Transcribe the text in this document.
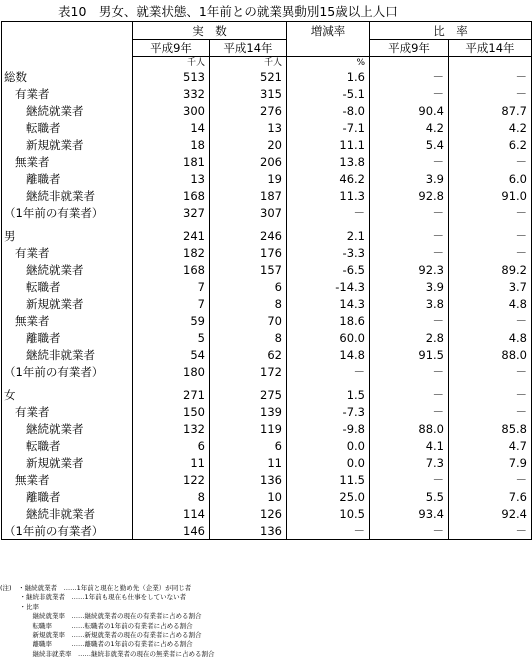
表10　男女、就業状態、1年前との就業異動別15歳以上人口
	実　数		増減率	比　率	
	平成9年	平成14年		平成9年	平成14年
	千人	千人	%		
総数	513	521	1.6	－	－
有業者	332	315	-5.1	－	－
継続就業者	300	276	-8.0	90.4	87.7
転職者	14	13	-7.1	4.2	4.2
新規就業者	18	20	11.1	5.4	6.2
無業者	181	206	13.8	－	－
離職者	13	19	46.2	3.9	6.0
継続非就業者	168	187	11.3	92.8	91.0
（1年前の有業者）	327	307	－	－	－

男	241	246	2.1	－	－
有業者	182	176	-3.3	－	－
継続就業者	168	157	-6.5	92.3	89.2
転職者	7	6	-14.3	3.9	3.7
新規就業者	7	8	14.3	3.8	4.8
無業者	59	70	18.6	－	－
離職者	5	8	60.0	2.8	4.8
継続非就業者	54	62	14.8	91.5	88.0
（1年前の有業者）	180	172	－	－	－

女	271	275	1.5	－	－
有業者	150	139	-7.3	－	－
継続就業者	132	119	-9.8	88.0	85.8
転職者	6	6	0.0	4.1	4.7
新規就業者	11	11	0.0	7.3	7.9
無業者	122	136	11.5	－	－
離職者	8	10	25.0	5.5	7.6
継続非就業者	114	126	10.5	93.4	92.4
（1年前の有業者）	146	136	－	－	－
(注)　・継続就業者　……1年前と現在と勤め先（企業）が同じ者
　　　・継続非就業者　……1年前も現在も仕事をしていない者
　　　・比率
　　　　　継続就業率　……継続就業者の現在の有業者に占める割合
　　　　　転職率　　　……転職者の1年前の有業者に占める割合
　　　　　新規就業率　……新規就業者の現在の有業者に占める割合
　　　　　離職率　　　……離職者の1年前の有業者に占める割合
　　　　　継続非就業率　……継続非就業者の現在の無業者に占める割合
